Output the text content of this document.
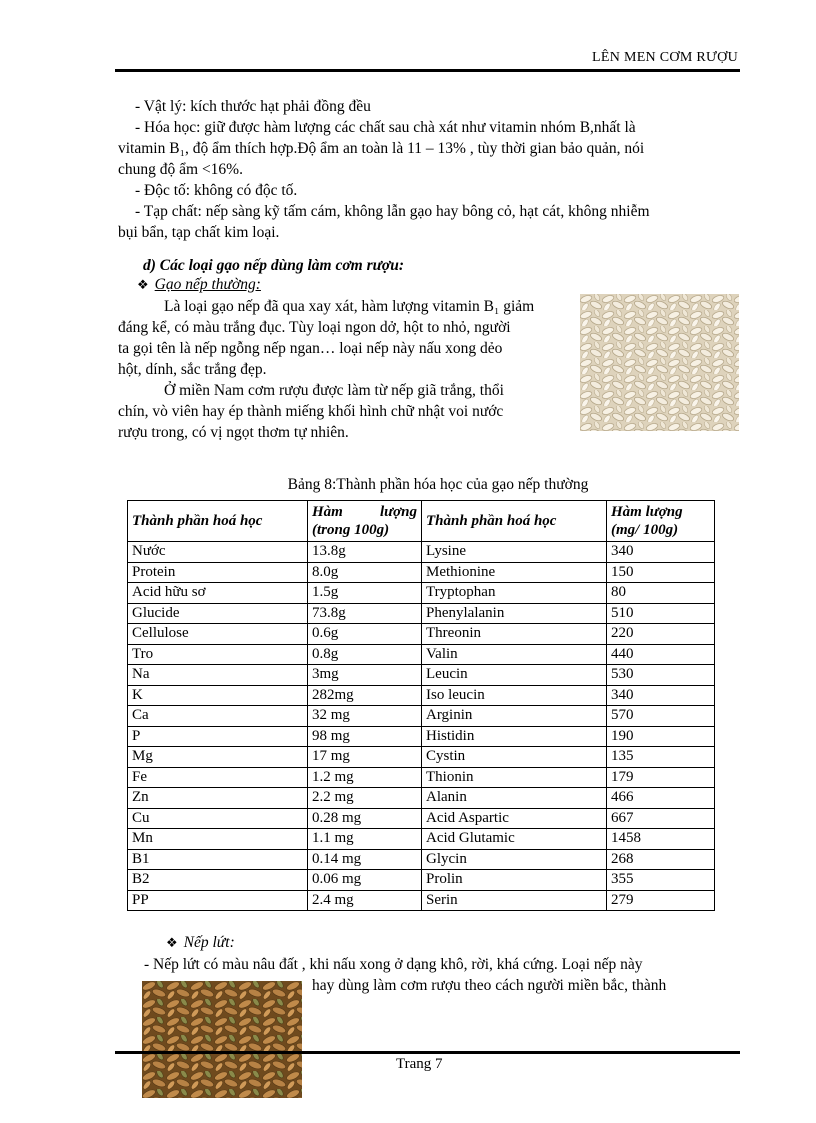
LÊN MEN CƠM RƯỢU
- Vật lý: kích thước hạt phải đồng đều
- Hóa học: giữ được hàm lượng các chất sau chà xát như vitamin nhóm B,nhất là
vitamin B₁, độ ẩm thích hợp.Độ ẩm an toàn là 11 – 13% , tùy thời gian bảo quản, nói
chung độ ẩm <16%.
- Độc tố: không có độc tố.
- Tạp chất: nếp sàng kỹ tấm cám, không lẫn gạo hay bông cỏ, hạt cát, không nhiễm
bụi bẩn, tạp chất kim loại.
d) Các loại gạo nếp dùng làm cơm rượu:
❖ Gạo nếp thường:
Là loại gạo nếp đã qua xay xát, hàm lượng vitamin B₁ giảm
đáng kể, có màu trắng đục. Tùy loại ngon dở, hột to nhỏ, người
ta gọi tên là nếp ngỗng nếp ngan… loại nếp này nấu xong dẻo
hột, dính, sắc trắng đẹp.
Ở miền Nam cơm rượu được làm từ nếp giã trắng, thổi
chín, vò viên hay ép thành miếng khối hình chữ nhật voi nước
rượu trong, có vị ngọt thơm tự nhiên.
Bảng 8:Thành phần hóa học của gạo nếp thường
Thành phần hoá học	Hàm lượng (trong 100g)	Thành phần hoá học	Hàm lượng (mg/ 100g)
Nước	13.8g	Lysine	340
Protein	8.0g	Methionine	150
Acid hữu sơ	1.5g	Tryptophan	80
Glucide	73.8g	Phenylalanin	510
Cellulose	0.6g	Threonin	220
Tro	0.8g	Valin	440
Na	3mg	Leucin	530
K	282mg	Iso leucin	340
Ca	32 mg	Arginin	570
P	98 mg	Histidin	190
Mg	17 mg	Cystin	135
Fe	1.2 mg	Thionin	179
Zn	2.2 mg	Alanin	466
Cu	0.28 mg	Acid Aspartic	667
Mn	1.1 mg	Acid Glutamic	1458
B1	0.14 mg	Glycin	268
B2	0.06 mg	Prolin	355
PP	2.4 mg	Serin	279
❖ Nếp lứt:
- Nếp lứt có màu nâu đất , khi nấu xong ở dạng khô, rời, khá cứng. Loại nếp này
hay dùng làm cơm rượu theo cách người miền bắc, thành
Trang 7
